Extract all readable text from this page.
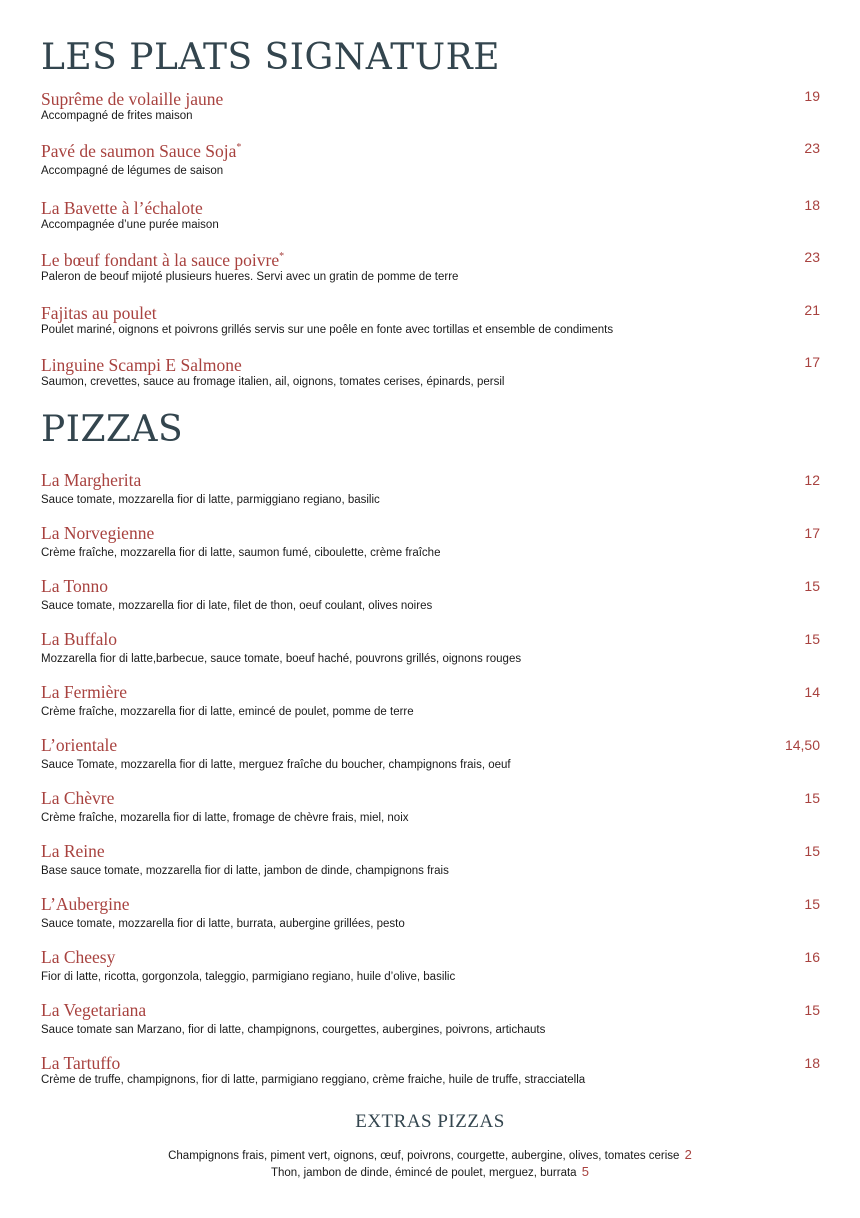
LES PLATS SIGNATURE
Suprême de volaille jaune	19
Accompagné de frites maison
Pavé de saumon Sauce Soja*	23
Accompagné de légumes de saison
La Bavette à l’échalote	18
Accompagnée d’une purée maison
Le bœuf fondant à la sauce poivre*	23
Paleron de beouf mijoté plusieurs hueres. Servi avec un gratin de pomme de terre
Fajitas au poulet	21
Poulet mariné, oignons et poivrons grillés servis sur une poêle en fonte avec tortillas et ensemble de condiments
Linguine Scampi E Salmone	17
Saumon, crevettes, sauce au fromage italien, ail, oignons, tomates cerises, épinards, persil
PIZZAS
La Margherita	12
Sauce tomate, mozzarella fior di latte, parmiggiano regiano, basilic
La Norvegienne	17
Crème fraîche, mozzarella fior di latte, saumon fumé, ciboulette, crème fraîche
La Tonno	15
Sauce tomate, mozzarella fior di late, filet de thon, oeuf coulant, olives noires
La Buffalo	15
Mozzarella fior di latte,barbecue, sauce tomate, boeuf haché, pouvrons grillés, oignons rouges
La Fermière	14
Crème fraîche, mozzarella fior di latte, emincé de poulet, pomme de terre
L’orientale	14,50
Sauce Tomate, mozzarella fior di latte, merguez fraîche du boucher, champignons frais, oeuf
La Chèvre	15
Crème fraîche, mozarella fior di latte, fromage de chèvre frais, miel, noix
La Reine	15
Base sauce tomate, mozzarella fior di latte, jambon de dinde, champignons frais
L’Aubergine	15
Sauce tomate, mozzarella fior di latte, burrata, aubergine grillées, pesto
La Cheesy	16
Fior di latte, ricotta, gorgonzola, taleggio, parmigiano regiano, huile d’olive, basilic
La Vegetariana	15
Sauce tomate san Marzano, fior di latte, champignons, courgettes, aubergines, poivrons, artichauts
La Tartuffo	18
Crème de truffe, champignons, fior di latte, parmigiano reggiano, crème fraiche, huile de truffe, stracciatella
EXTRAS PIZZAS
Champignons frais, piment vert, oignons, œuf, poivrons, courgette, aubergine, olives, tomates cerise 2
Thon, jambon de dinde, émincé de poulet, merguez, burrata 5
